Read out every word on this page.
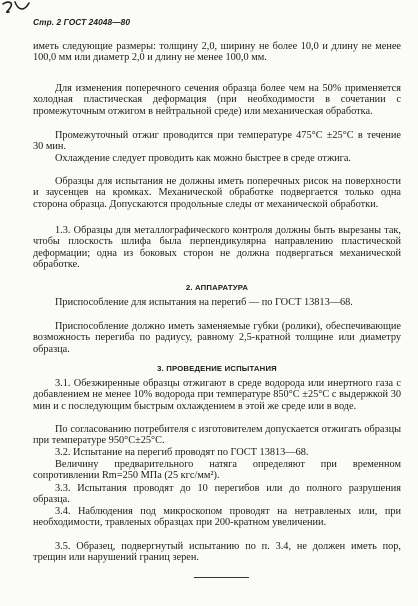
Стр. 2 ГОСТ 24048—80

иметь следующие размеры: толщину 2,0, ширину не более 10,0 и длину не менее 100,0 мм или диаметр 2,0 и длину не менее 100,0 мм.

Для изменения поперечного сечения образца более чем на 50% применяется холодная пластическая деформация (при необходимости в сочетании с промежуточным отжигом в нейтральной среде) или механическая обработка.

Промежуточный отжиг проводится при температуре 475°C ±25°C в течение 30 мин.

Охлаждение следует проводить как можно быстрее в среде отжига.

Образцы для испытания не должны иметь поперечных рисок на поверхности и заусенцев на кромках. Механической обработке подвергается только одна сторона образца. Допускаются продольные следы от механической обработки.

1.3. Образцы для металлографического контроля должны быть вырезаны так, чтобы плоскость шлифа была перпендикулярна направлению пластической деформации; одна из боковых сторон не должна подвергаться механической обработке.

2. АППАРАТУРА

Приспособление для испытания на перегиб — по ГОСТ 13813—68.

Приспособление должно иметь заменяемые губки (ролики), обеспечивающие возможность перегиба по радиусу, равному 2,5-кратной толщине или диаметру образца.

3. ПРОВЕДЕНИЕ ИСПЫТАНИЯ

3.1. Обезжиренные образцы отжигают в среде водорода или инертного газа с добавлением не менее 10% водорода при температуре 850°C ±25°C с выдержкой 30 мин и с последующим быстрым охлаждением в этой же среде или в воде.

По согласованию потребителя с изготовителем допускается отжигать образцы при температуре 950°C±25°C.

3.2. Испытание на перегиб проводят по ГОСТ 13813—68.

Величину предварительного натяга определяют при временном сопротивлении Rm=250 МПа (25 кгс/мм²).

3.3. Испытания проводят до 10 перегибов или до полного разрушения образца.

3.4. Наблюдения под микроскопом проводят на нетравленых или, при необходимости, травленых образцах при 200-кратном увеличении.

3.5. Образец, подвергнутый испытанию по п. 3.4, не должен иметь пор, трещин или нарушений границ зерен.
